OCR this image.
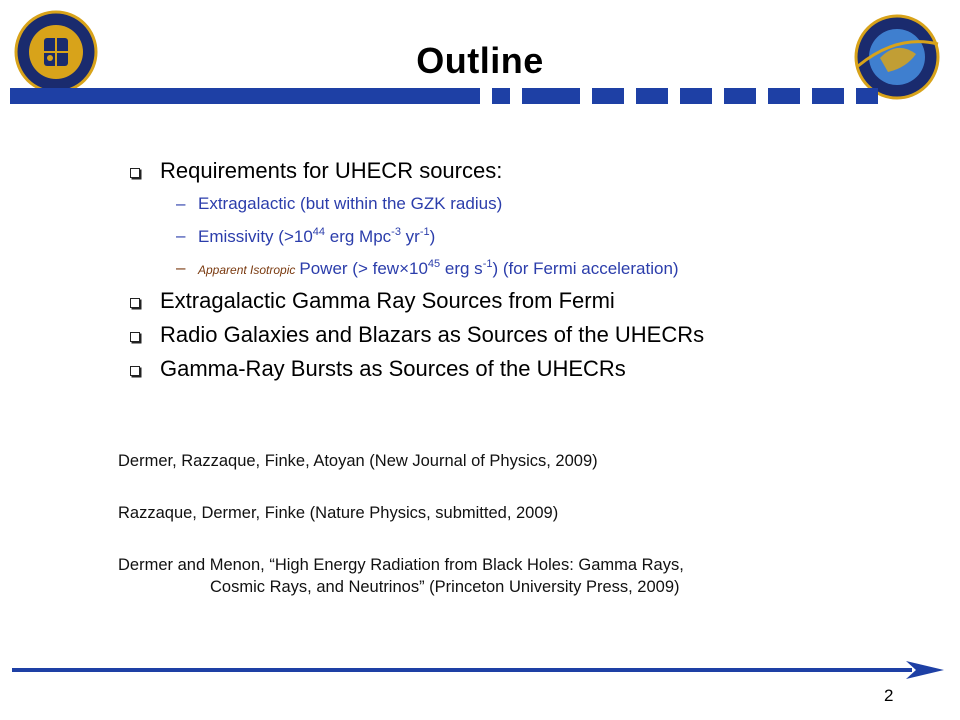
Outline
Requirements for UHECR sources:
– Extragalactic (but within the GZK radius)
– Emissivity ($>10^{44}$ erg Mpc$^{-3}$ $yr^{-1}$)
–	Apparent Isotropic Power (> $few\times 10^{45}$ erg $s^{-1}$) (for Fermi acceleration)
Extragalactic Gamma Ray Sources from Fermi
Radio Galaxies and Blazars as Sources of the UHECRs
Gamma-Ray Bursts as Sources of the UHECRs

Dermer, Razzaque, Finke, Atoyan (New Journal of Physics, 2009)

Razzaque, Dermer, Finke (Nature Physics, submitted, 2009)

Dermer and Menon, “High Energy Radiation from Black Holes: Gamma Rays,

Cosmic Rays, and Neutrinos” (Princeton University Press, 2009)

2
